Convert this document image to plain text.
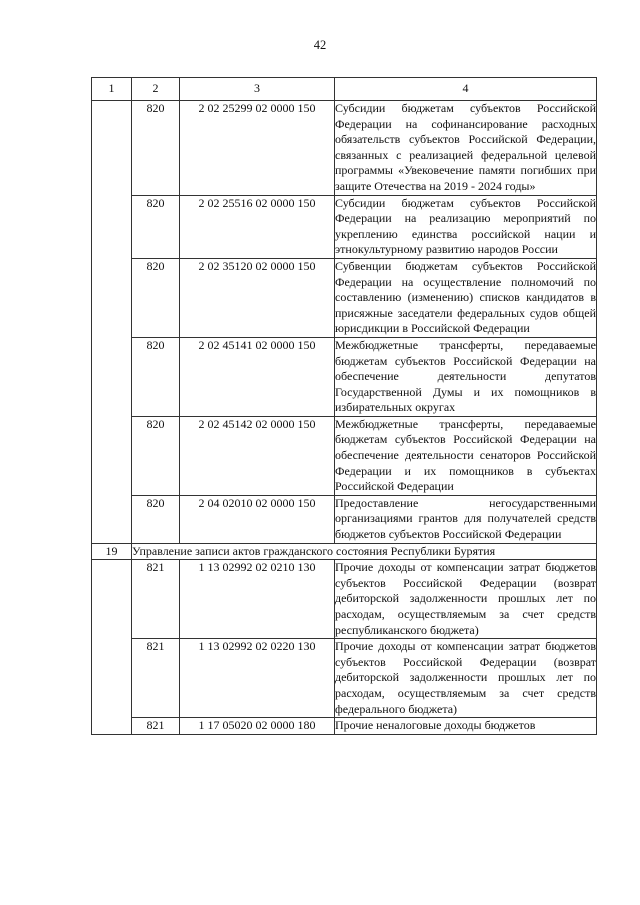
42
1	2	3	4
	820	2 02 25299 02 0000 150	Субсидии бюджетам субъектов Российской Федерации на софинансирование расходных обязательств субъектов Российской Федерации, связанных с реализацией федеральной целевой программы «Увековечение памяти погибших при защите Отечества на 2019 - 2024 годы»
	820	2 02 25516 02 0000 150	Субсидии бюджетам субъектов Российской Федерации на реализацию мероприятий по укреплению единства российской нации и этнокультурному развитию народов России
	820	2 02 35120 02 0000 150	Субвенции бюджетам субъектов Российской Федерации на осуществление полномочий по составлению (изменению) списков кандидатов в присяжные заседатели федеральных судов общей юрисдикции в Российской Федерации
	820	2 02 45141 02 0000 150	Межбюджетные трансферты, передаваемые бюджетам субъектов Российской Федерации на обеспечение деятельности депутатов Государственной Думы и их помощников в избирательных округах
	820	2 02 45142 02 0000 150	Межбюджетные трансферты, передаваемые бюджетам субъектов Российской Федерации на обеспечение деятельности сенаторов Российской Федерации и их помощников в субъектах Российской Федерации
	820	2 04 02010 02 0000 150	Предоставление негосударственными организациями грантов для получателей средств бюджетов субъектов Российской Федерации
19	Управление записи актов гражданского состояния Республики Бурятия		
	821	1 13 02992 02 0210 130	Прочие доходы от компенсации затрат бюджетов субъектов Российской Федерации (возврат дебиторской задолженности прошлых лет по расходам, осуществляемым за счет средств республиканского бюджета)
	821	1 13 02992 02 0220 130	Прочие доходы от компенсации затрат бюджетов субъектов Российской Федерации (возврат дебиторской задолженности прошлых лет по расходам, осуществляемым за счет средств федерального бюджета)
	821	1 17 05020 02 0000 180	Прочие неналоговые доходы бюджетов
